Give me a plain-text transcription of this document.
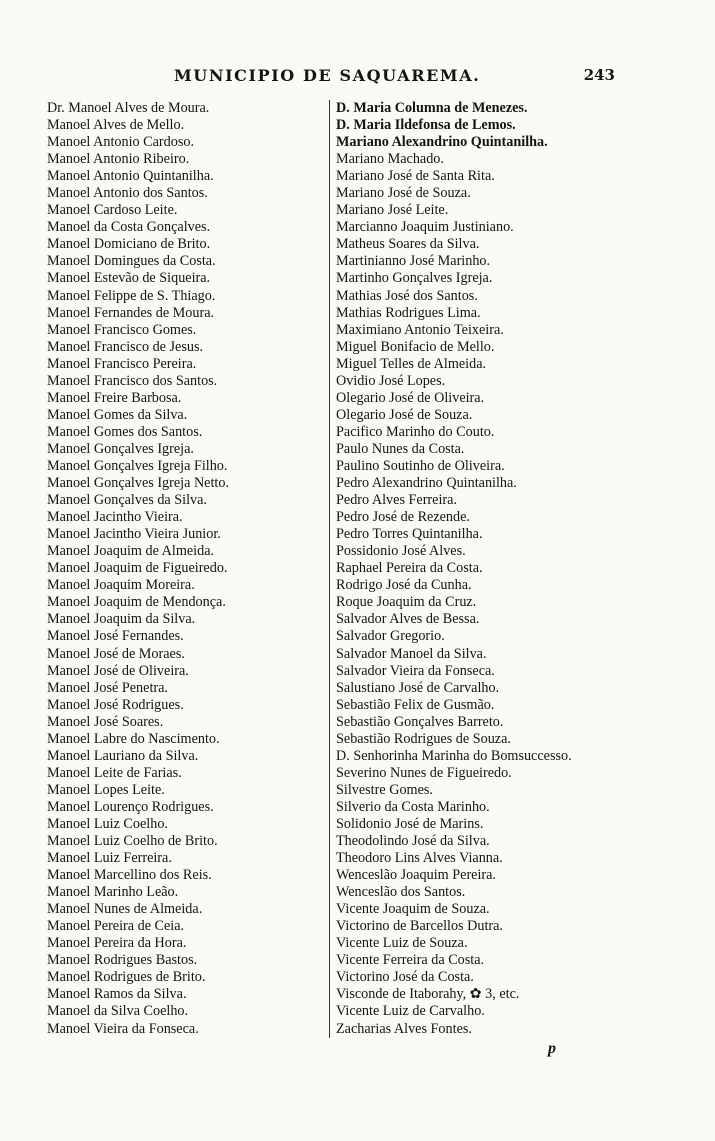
MUNICIPIO DE SAQUAREMA.	243
Dr. Manoel Alves de Moura.
Manoel Alves de Mello.
Manoel Antonio Cardoso.
Manoel Antonio Ribeiro.
Manoel Antonio Quintanilha.
Manoel Antonio dos Santos.
Manoel Cardoso Leite.
Manoel da Costa Gonçalves.
Manoel Domiciano de Brito.
Manoel Domingues da Costa.
Manoel Estevão de Siqueira.
Manoel Felippe de S. Thiago.
Manoel Fernandes de Moura.
Manoel Francisco Gomes.
Manoel Francisco de Jesus.
Manoel Francisco Pereira.
Manoel Francisco dos Santos.
Manoel Freire Barbosa.
Manoel Gomes da Silva.
Manoel Gomes dos Santos.
Manoel Gonçalves Igreja.
Manoel Gonçalves Igreja Filho.
Manoel Gonçalves Igreja Netto.
Manoel Gonçalves da Silva.
Manoel Jacintho Vieira.
Manoel Jacintho Vieira Junior.
Manoel Joaquim de Almeida.
Manoel Joaquim de Figueiredo.
Manoel Joaquim Moreira.
Manoel Joaquim de Mendonça.
Manoel Joaquim da Silva.
Manoel José Fernandes.
Manoel José de Moraes.
Manoel José de Oliveira.
Manoel José Penetra.
Manoel José Rodrigues.
Manoel José Soares.
Manoel Labre do Nascimento.
Manoel Lauriano da Silva.
Manoel Leite de Farias.
Manoel Lopes Leite.
Manoel Lourenço Rodrigues.
Manoel Luiz Coelho.
Manoel Luiz Coelho de Brito.
Manoel Luiz Ferreira.
Manoel Marcellino dos Reis.
Manoel Marinho Leão.
Manoel Nunes de Almeida.
Manoel Pereira de Ceia.
Manoel Pereira da Hora.
Manoel Rodrigues Bastos.
Manoel Rodrigues de Brito.
Manoel Ramos da Silva.
Manoel da Silva Coelho.
Manoel Vieira da Fonseca.
D. Maria Columna de Menezes.
D. Maria Ildefonsa de Lemos.
Mariano Alexandrino Quintanilha.
Mariano Machado.
Mariano José de Santa Rita.
Mariano José de Souza.
Mariano José Leite.
Marcianno Joaquim Justiniano.
Matheus Soares da Silva.
Martinianno José Marinho.
Martinho Gonçalves Igreja.
Mathias José dos Santos.
Mathias Rodrigues Lima.
Maximiano Antonio Teixeira.
Miguel Bonifacio de Mello.
Miguel Telles de Almeida.
Ovidio José Lopes.
Olegario José de Oliveira.
Olegario José de Souza.
Pacifico Marinho do Couto.
Paulo Nunes da Costa.
Paulino Soutinho de Oliveira.
Pedro Alexandrino Quintanilha.
Pedro Alves Ferreira.
Pedro José de Rezende.
Pedro Torres Quintanilha.
Possidonio José Alves.
Raphael Pereira da Costa.
Rodrigo José da Cunha.
Roque Joaquim da Cruz.
Salvador Alves de Bessa.
Salvador Gregorio.
Salvador Manoel da Silva.
Salvador Vieira da Fonseca.
Salustiano José de Carvalho.
Sebastião Felix de Gusmão.
Sebastião Gonçalves Barreto.
Sebastião Rodrigues de Souza.
D. Senhorinha Marinha do Bomsuccesso.
Severino Nunes de Figueiredo.
Silvestre Gomes.
Silverio da Costa Marinho.
Solidonio José de Marins.
Theodolindo José da Silva.
Theodoro Lins Alves Vianna.
Wenceslão Joaquim Pereira.
Wenceslão dos Santos.
Vicente Joaquim de Souza.
Victorino de Barcellos Dutra.
Vicente Luiz de Souza.
Vicente Ferreira da Costa.
Victorino José da Costa.
Visconde de Itaborahy, ✿ 3, etc.
Vicente Luiz de Carvalho.
Zacharias Alves Fontes.
p
